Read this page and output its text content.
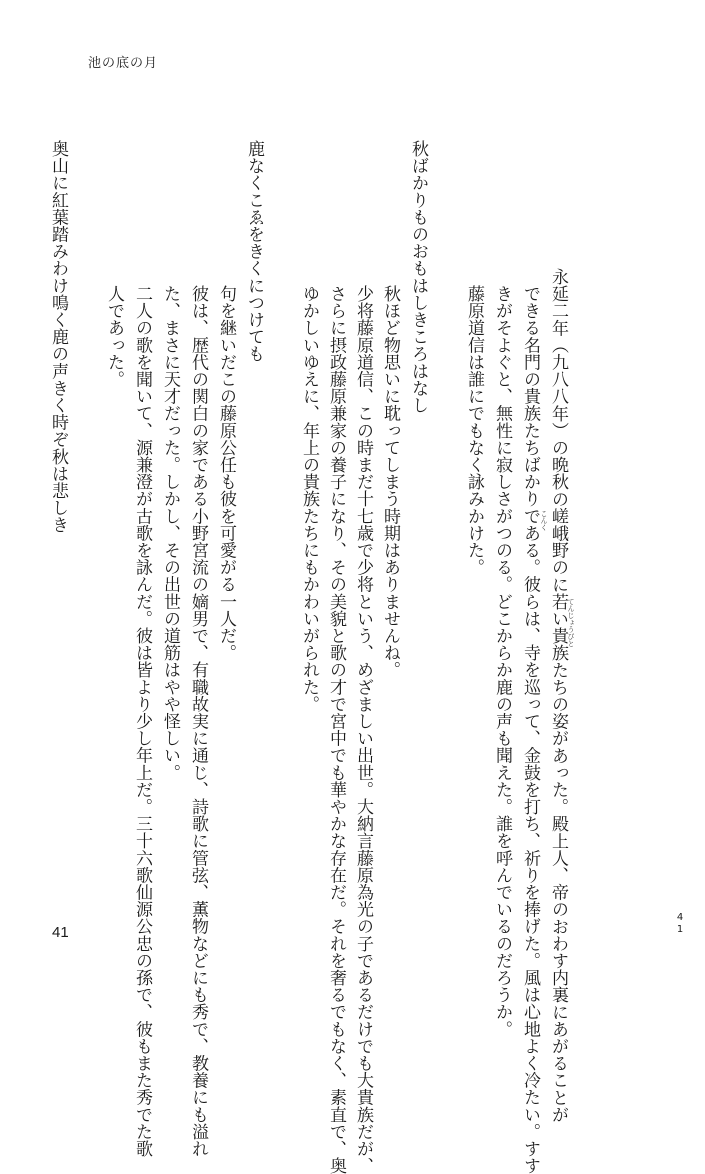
池の底の月
てんじょうびと
こんく 永延二年（九八八年）の晩秋の嵯峨野のに若い貴族たちの姿があった。殿上人、帝のおわす内裏にあがることが
できる名門の貴族たちばかりである。彼らは、寺を巡って、金鼓を打ち、祈りを捧げた。風は心地よく冷たい。すす
きがそよぐと、無性に寂しさがつのる。どこからか鹿の声も聞えた。誰を呼んでいるのだろうか。
藤原道信は誰にでもなく詠みかけた。
秋ばかりものおもはしきころはなし
秋ほど物思いに耽ってしまう時期はありませんね。
少将藤原道信、この時まだ十七歳で少将という、めざましい出世。大納言藤原為光の子であるだけでも大貴族だが、
さらに摂政藤原兼家の養子になり、その美貌と歌の才で宮中でも華やかな存在だ。それを奢るでもなく、素直で、奥
ゆかしいゆえに、年上の貴族たちにもかわいがられた。
鹿なくこゑをきくにつけても
句を継いだこの藤原公任も彼を可愛がる一人だ。
彼は、歴代の関白の家である小野宮流の嫡男で、有職故実に通じ、詩歌に管弦、薫物などにも秀で、教養にも溢れ
た、まさに天才だった。しかし、その出世の道筋はやや怪しい。
二人の歌を聞いて、源兼澄が古歌を詠んだ。彼は皆より少し年上だ。三十六歌仙源公忠の孫で、彼もまた秀でた歌
人であった。
奥山に紅葉踏みわけ鳴く鹿の声きく時ぞ秋は悲しき
4
1
41
